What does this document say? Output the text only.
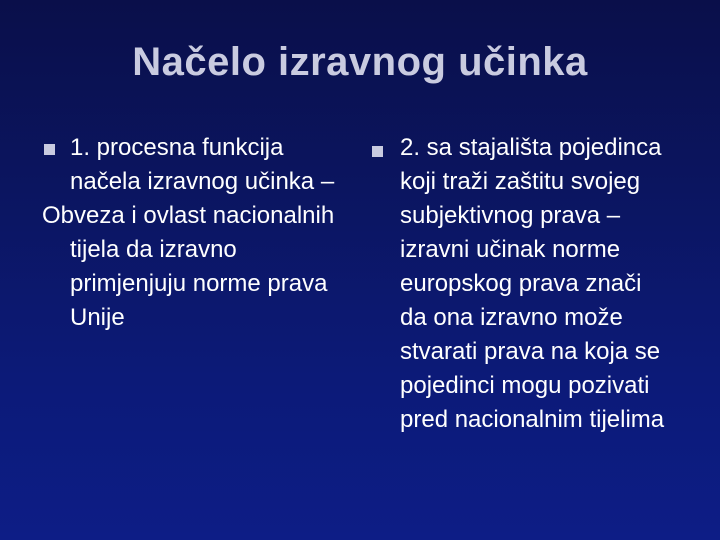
Načelo izravnog učinka

1. procesna funkcija načela izravnog učinka –

Obveza i ovlast nacionalnih tijela da izravno primjenjuju norme prava Unije

2. sa stajališta pojedinca koji traži zaštitu svojeg subjektivnog prava – izravni učinak norme europskog prava znači da ona izravno može stvarati prava na koja se pojedinci mogu pozivati pred nacionalnim tijelima
